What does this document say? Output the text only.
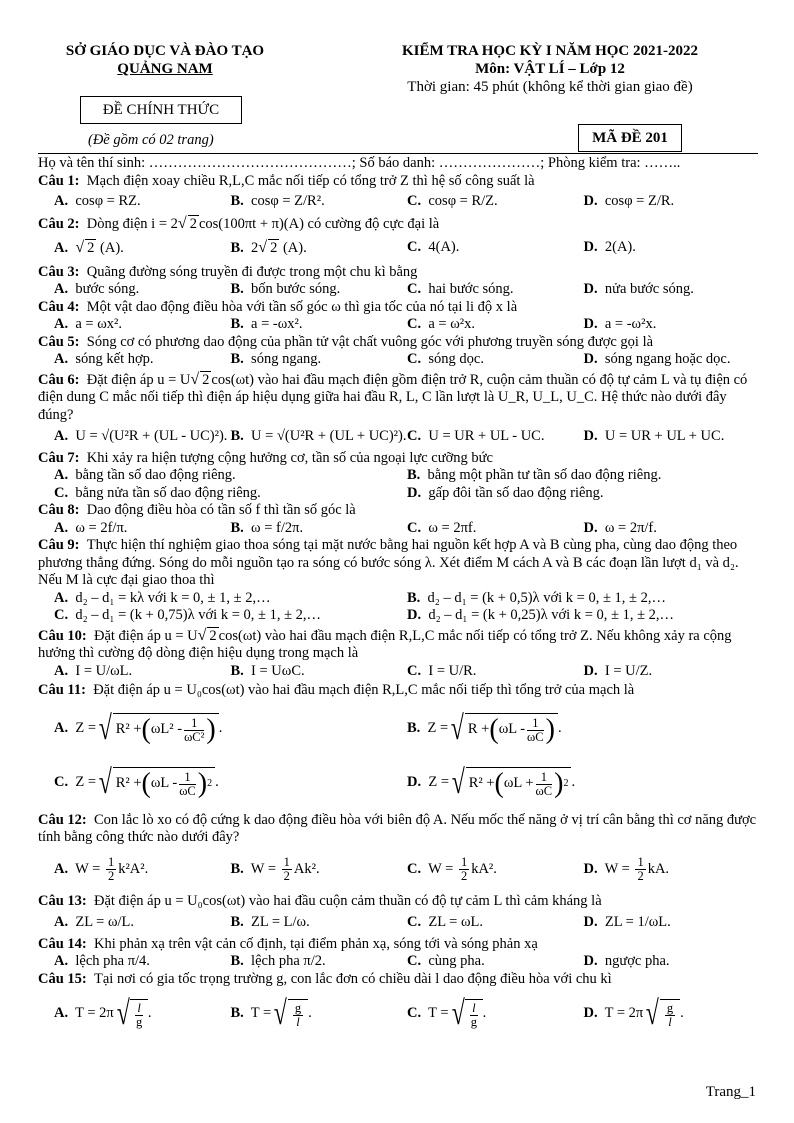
SỞ GIÁO DỤC VÀ ĐÀO TẠO
QUẢNG NAM
ĐỀ CHÍNH THỨC
(Đề gồm có 02 trang)
KIỂM TRA HỌC KỲ I NĂM HỌC 2021-2022
Môn: VẬT LÍ – Lớp 12
Thời gian: 45 phút (không kể thời gian giao đề)
MÃ ĐỀ 201
Họ và tên thí sinh: ……………………………………; Số báo danh: …………………; Phòng kiểm tra: ……..
Câu 1: Mạch điện xoay chiều R,L,C mắc nối tiếp có tổng trở Z thì hệ số công suất là
A. cosφ = RZ.	B. cosφ = Z/R².	C. cosφ = R/Z.	D. cosφ = Z/R.
Câu 2: Dòng điện i = 2√ 2 cos(100πt + π)(A) có cường độ cực đại là
A. √ 2 (A).	B. 2√ 2 (A).	C. 4(A).	D. 2(A).
Câu 3: Quãng đường sóng truyền đi được trong một chu kì bằng
A. bước sóng.	B. bốn bước sóng.	C. hai bước sóng.	D. nửa bước sóng.
Câu 4: Một vật dao động điều hòa với tần số góc ω thì gia tốc của nó tại li độ x là
A. a = ωx².	B. a = -ωx².	C. a = ω²x.	D. a = -ω²x.
Câu 5: Sóng cơ có phương dao động của phần tử vật chất vuông góc với phương truyền sóng được gọi là
A. sóng kết hợp.	B. sóng ngang.	C. sóng dọc.	D. sóng ngang hoặc dọc.
Câu 6: Đặt điện áp u = U√ 2 cos(ωt) vào hai đầu mạch điện gồm điện trở R, cuộn cảm thuần có độ tự cảm L và tụ điện có điện dung C mắc nối tiếp thì điện áp hiệu dụng giữa hai đầu R, L, C lần lượt là U_R, U_L, U_C. Hệ thức nào dưới đây đúng?
A. U = √(U²R + (UL - UC)²). B. U = √(U²R + (UL + UC)²). C. U = UR + UL - UC.	D. U = UR + UL + UC.
Câu 7: Khi xảy ra hiện tượng cộng hưởng cơ, tần số của ngoại lực cưỡng bức
A. bằng tần số dao động riêng.	B. bằng một phần tư tần số dao động riêng.
C. bằng nửa tần số dao động riêng.	D. gấp đôi tần số dao động riêng.
Câu 8: Dao động điều hòa có tần số f thì tần số góc là
A. ω = 2f/π.	B. ω = f/2π.	C. ω = 2πf.	D. ω = 2π/f.
Câu 9: Thực hiện thí nghiệm giao thoa sóng tại mặt nước bằng hai nguồn kết hợp A và B cùng pha, cùng dao động theo phương thẳng đứng. Sóng do mỗi nguồn tạo ra sóng có bước sóng λ. Xét điểm M cách A và B các đoạn lần lượt d₁ và d₂. Nếu M là cực đại giao thoa thì
A. d₂ – d₁ = kλ với k = 0, ± 1, ± 2,…	B. d₂ – d₁ = (k + 0,5)λ với k = 0, ± 1, ± 2,…
C. d₂ – d₁ = (k + 0,75)λ với k = 0, ± 1, ± 2,…	D. d₂ – d₁ = (k + 0,25)λ với k = 0, ± 1, ± 2,…
Câu 10: Đặt điện áp u = U√ 2 cos(ωt) vào hai đầu mạch điện R,L,C mắc nối tiếp có tổng trở Z. Nếu không xảy ra cộng hưởng thì cường độ dòng điện hiệu dụng trong mạch là
A. I = U/ωL.	B. I = UωC.	C. I = U/R.	D. I = U/Z.
Câu 11: Đặt điện áp u = U₀cos(ωt) vào hai đầu mạch điện R,L,C mắc nối tiếp thì tổng trở của mạch là
A. Z = √ R² + ( $\omega L^2 - \frac{1}{\text{ωC²}}$ ) .	B. Z = √ R + ( ωL - $\frac{1}{\omega C}$ ) .
C. Z = √ R² + ( ωL - $\frac{1}{\omega C}$ ) 2 .	D. Z = √ R² + ( $\omega L + \frac{1}{\omega C}$ ) 2 .
Câu 12: Con lắc lò xo có độ cứng k dao động điều hòa với biên độ A. Nếu mốc thế năng ở vị trí cân bằng thì cơ năng được tính bằng công thức nào dưới đây?
A.  $W = \frac{1}{2} k^2A^2$.	B.  $W = \frac{1}{2} Ak^2$.	C.  $W = \frac{1}{2} kA^2$.	D.  $W = \frac{1}{2}$ kA.
Câu 13: Đặt điện áp u = U₀cos(ωt) vào hai đầu cuộn cảm thuần có độ tự cảm L thì cảm kháng là
A. ZL = ω/L.	B. ZL = L/ω.	C. ZL = ωL.	D. ZL = 1/ωL.
Câu 14: Khi phản xạ trên vật cản cố định, tại điểm phản xạ, sóng tới và sóng phản xạ
A. lệch pha π/4.	B. lệch pha π/2.	C. cùng pha.	D. ngược pha.
Câu 15: Tại nơi có gia tốc trọng trường g, con lắc đơn có chiều dài l dao động điều hòa với chu kì
A. T = 2π √ $\frac{l}{g}$ .	B. T = √ $\frac{g}{l}$ .	C. T = √ $\frac{l}{g}$ .	D. T = 2π √ $\frac{g}{l}$ .
Trang_1
